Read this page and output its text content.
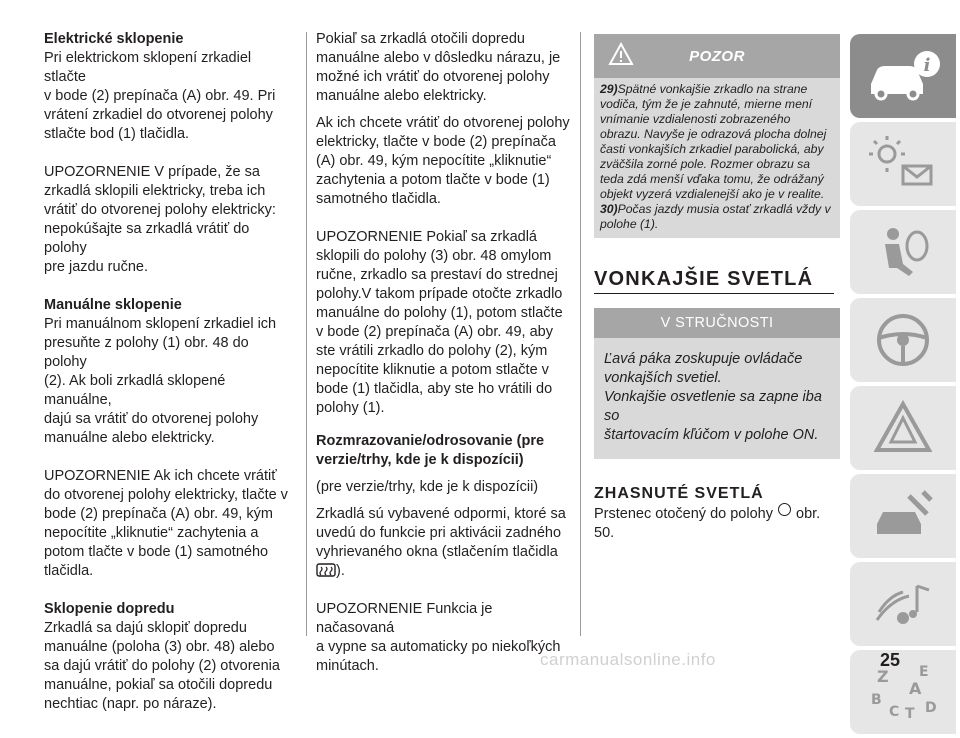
Elektrické sklopenie

Pri elektrickom sklopení zrkadiel stlačte
v bode (2) prepínača (A) obr. 49. Pri
vrátení zrkadiel do otvorenej polohy
stlačte bod (1) tlačidla.
UPOZORNENIE V prípade, že sa
zrkadlá sklopili elektricky, treba ich
vrátiť do otvorenej polohy elektricky:
nepokúšajte sa zrkadlá vrátiť do polohy
pre jazdu ručne.

Manuálne sklopenie

Pri manuálnom sklopení zrkadiel ich
presuňte z polohy (1) obr. 48 do polohy
(2). Ak boli zrkadlá sklopené manuálne,
dajú sa vrátiť do otvorenej polohy
manuálne alebo elektricky.
UPOZORNENIE Ak ich chcete vrátiť
do otvorenej polohy elektricky, tlačte v
bode (2) prepínača (A) obr. 49, kým
nepocítite „kliknutie“ zachytenia a
potom tlačte v bode (1) samotného
tlačidla.

Sklopenie dopredu

Zrkadlá sa dajú sklopiť dopredu
manuálne (poloha (3) obr. 48) alebo
sa dajú vrátiť do polohy (2) otvorenia
manuálne, pokiaľ sa otočili dopredu
nechtiac (napr. po náraze).
Pokiaľ sa zrkadlá otočili dopredu
manuálne alebo v dôsledku nárazu, je
možné ich vrátiť do otvorenej polohy
manuálne alebo elektricky.
Ak ich chcete vrátiť do otvorenej polohy
elektricky, tlačte v bode (2) prepínača
(A) obr. 49, kým nepocítite „kliknutie“
zachytenia a potom tlačte v bode (1)
samotného tlačidla.
UPOZORNENIE Pokiaľ sa zrkadlá
sklopili do polohy (3) obr. 48 omylom
ručne, zrkadlo sa prestaví do strednej
polohy.V takom prípade otočte zrkadlo
manuálne do polohy (1), potom stlačte
v bode (2) prepínača (A) obr. 49, aby
ste vrátili zrkadlo do polohy (2), kým
nepocítite kliknutie a potom stlačte v
bode (1) tlačidla, aby ste ho vrátili do
polohy (1).
Rozmrazovanie/odrosovanie (pre
verzie/trhy, kde je k dispozícii)
(pre verzie/trhy, kde je k dispozícii)
Zrkadlá sú vybavené odpormi, ktoré sa
uvedú do funkcie pri aktivácii zadného
vyhrievaného okna (stlačením tlačidla
).
UPOZORNENIE Funkcia je načasovaná
a vypne sa automaticky po niekoľkých
minútach.
POZOR
29)Spätné vonkajšie zrkadlo na strane vodiča, tým že je zahnuté, mierne mení vnímanie vzdialenosti zobrazeného obrazu. Navyše je odrazová plocha dolnej časti vonkajších zrkadiel parabolická, aby zväčšila zorné pole. Rozmer obrazu sa teda zdá menší vďaka tomu, že odrážaný objekt vyzerá vzdialenejší ako je v realite.
30)Počas jazdy musia ostať zrkadlá vždy v polohe (1).
VONKAJŠIE SVETLÁ
V STRUČNOSTI
Ľavá páka zoskupuje ovládače
vonkajších svetiel.
Vonkajšie osvetlenie sa zapne iba so
štartovacím kľúčom v polohe ON.
ZHASNUTÉ SVETLÁ
Prstenec otočený do polohy obr. 50.
i
Z E
A
B
C T D
carmanualsonline.info	25
